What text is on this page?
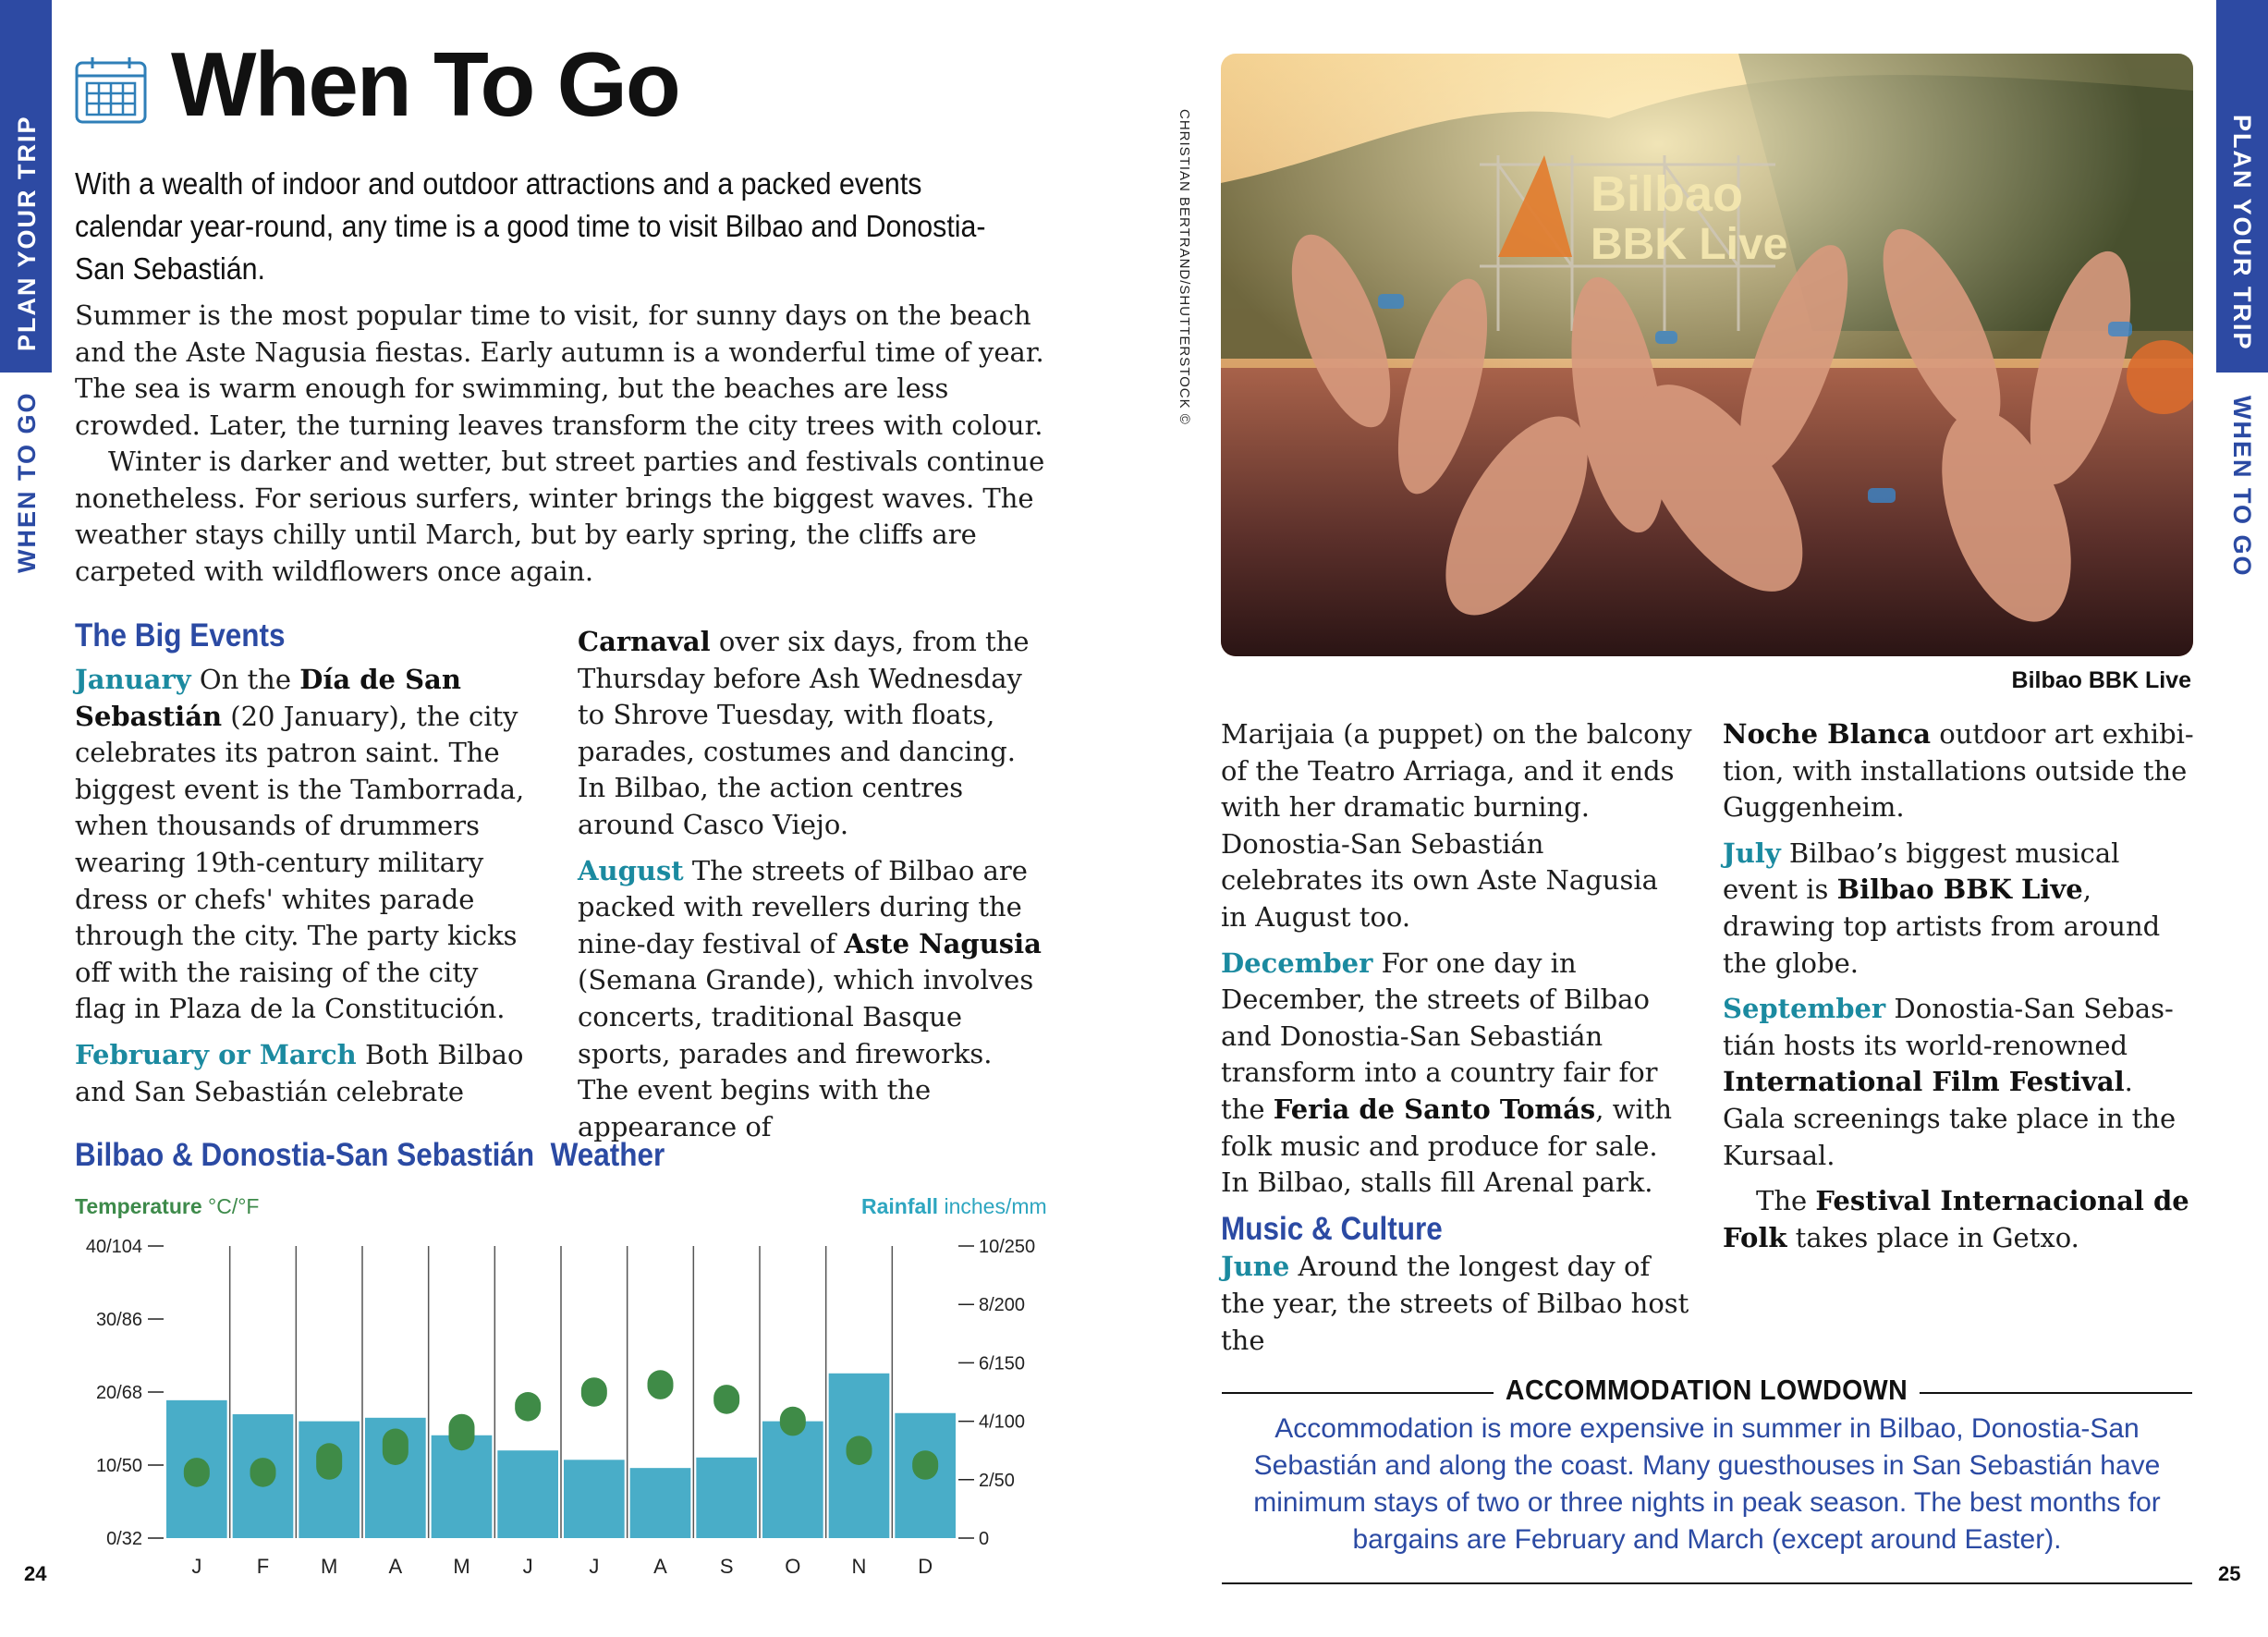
PLAN YOUR TRIP
WHEN TO GO
PLAN YOUR TRIP
WHEN TO GO
When To Go
With a wealth of indoor and outdoor attractions and a packed events calendar year-round, any time is a good time to visit Bilbao and Donostia-San Sebastián.

Summer is the most popular time to visit, for sunny days on the beach and the Aste Nagusia fiestas. Early autumn is a wonderful time of year. The sea is warm enough for swimming, but the beaches are less crowded. Later, the turning leaves transform the city trees with colour.

Winter is darker and wetter, but street parties and festivals continue nonetheless. For serious surfers, winter brings the biggest waves. The weather stays chilly until March, but by early spring, the cliffs are carpeted with wildflowers once again.

The Big Events

January On the Día de San Sebastián (20 January), the city celebrates its patron saint. The biggest event is the Tamborrada, when thousands of drummers wearing 19th-century military dress or chefs' whites parade through the city. The party kicks off with the raising of the city flag in Plaza de la Constitución.

February or March Both Bilbao and San Sebastián celebrate

Carnaval over six days, from the Thursday before Ash Wednesday to Shrove Tuesday, with floats, parades, costumes and dancing. In Bilbao, the action centres around Casco Viejo.

August The streets of Bilbao are packed with revellers during the nine-day festival of Aste Nagusia (Semana Grande), which involves concerts, traditional Basque sports, parades and fireworks. The event begins with the appearance of

Bilbao & Donostia-San Sebastián  Weather
Temperature °C/°F	Rainfall inches/mm
0/32
10/50
20/68
30/86
40/104
0
2/50
4/100
6/150
8/200
10/250
J	F	M	A	M	J	J	A	S	O	N	D
Bilbao
BBK Live
CHRISTIAN BERTRAND/SHUTTERSTOCK ©
Bilbao BBK Live

Marijaia (a puppet) on the balcony of the Teatro Arriaga, and it ends with her dramatic burning. Donostia-San Sebastián celebrates its own Aste Nagusia in August too.

December For one day in December, the streets of Bilbao and Donostia-San Sebastián transform into a country fair for the Feria de Santo Tomás, with folk music and produce for sale. In Bilbao, stalls fill Arenal park.

Music & Culture

June Around the longest day of the year, the streets of Bilbao host the

Noche Blanca outdoor art exhibi-tion, with installations outside the Guggenheim.

July Bilbao’s biggest musical event is Bilbao BBK Live, drawing top artists from around the globe.

September Donostia-San Sebas-tián hosts its world-renowned International Film Festival. Gala screenings take place in the Kursaal.

The Festival Internacional de Folk takes place in Getxo.

ACCOMMODATION LOWDOWN
Accommodation is more expensive in summer in Bilbao, Donostia-San Sebastián and along the coast. Many guesthouses in San Sebastián have minimum stays of two or three nights in peak season. The best months for bargains are February and March (except around Easter).
24	25
